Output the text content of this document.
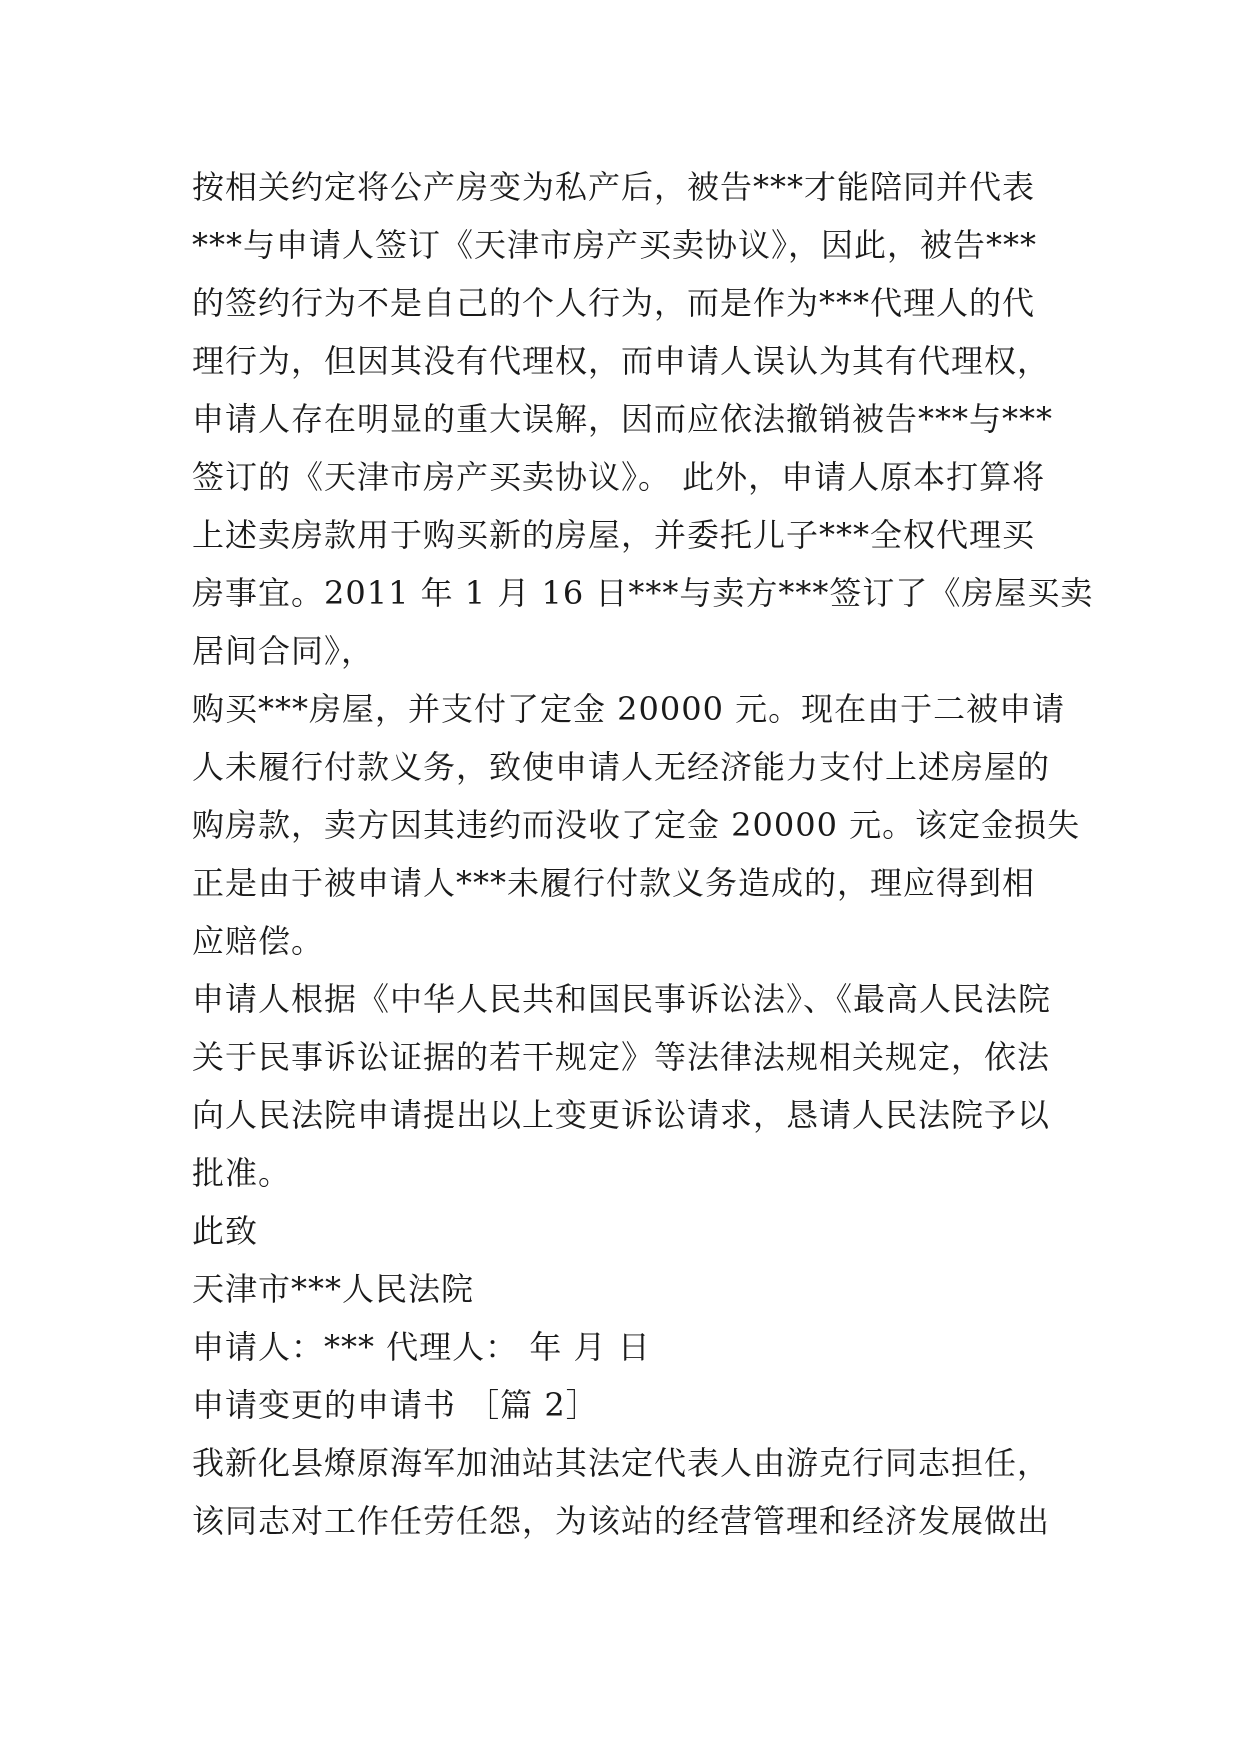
按相关约定将公产房变为私产后，被告***才能陪同并代表
***与申请人签订《天津市房产买卖协议》，因此，被告***
的签约行为不是自己的个人行为，而是作为***代理人的代
理行为，但因其没有代理权，而申请人误认为其有代理权，
申请人存在明显的重大误解，因而应依法撤销被告***与***
签订的《天津市房产买卖协议》。 此外，申请人原本打算将
上述卖房款用于购买新的房屋，并委托儿子***全权代理买
房事宜。2011 年 1 月 16 日***与卖方***签订了《房屋买卖
居间合同》，
购买***房屋，并支付了定金 20000 元。现在由于二被申请
人未履行付款义务，致使申请人无经济能力支付上述房屋的
购房款，卖方因其违约而没收了定金 20000 元。该定金损失
正是由于被申请人***未履行付款义务造成的，理应得到相
应赔偿。
申请人根据《中华人民共和国民事诉讼法》、《最高人民法院
关于民事诉讼证据的若干规定》等法律法规相关规定，依法
向人民法院申请提出以上变更诉讼请求，恳请人民法院予以
批准。
此致
天津市***人民法院
申请人：*** 代理人： 年 月 日
申请变更的申请书 ［篇 2］
我新化县燎原海军加油站其法定代表人由游克行同志担任，
该同志对工作任劳任怨，为该站的经营管理和经济发展做出
